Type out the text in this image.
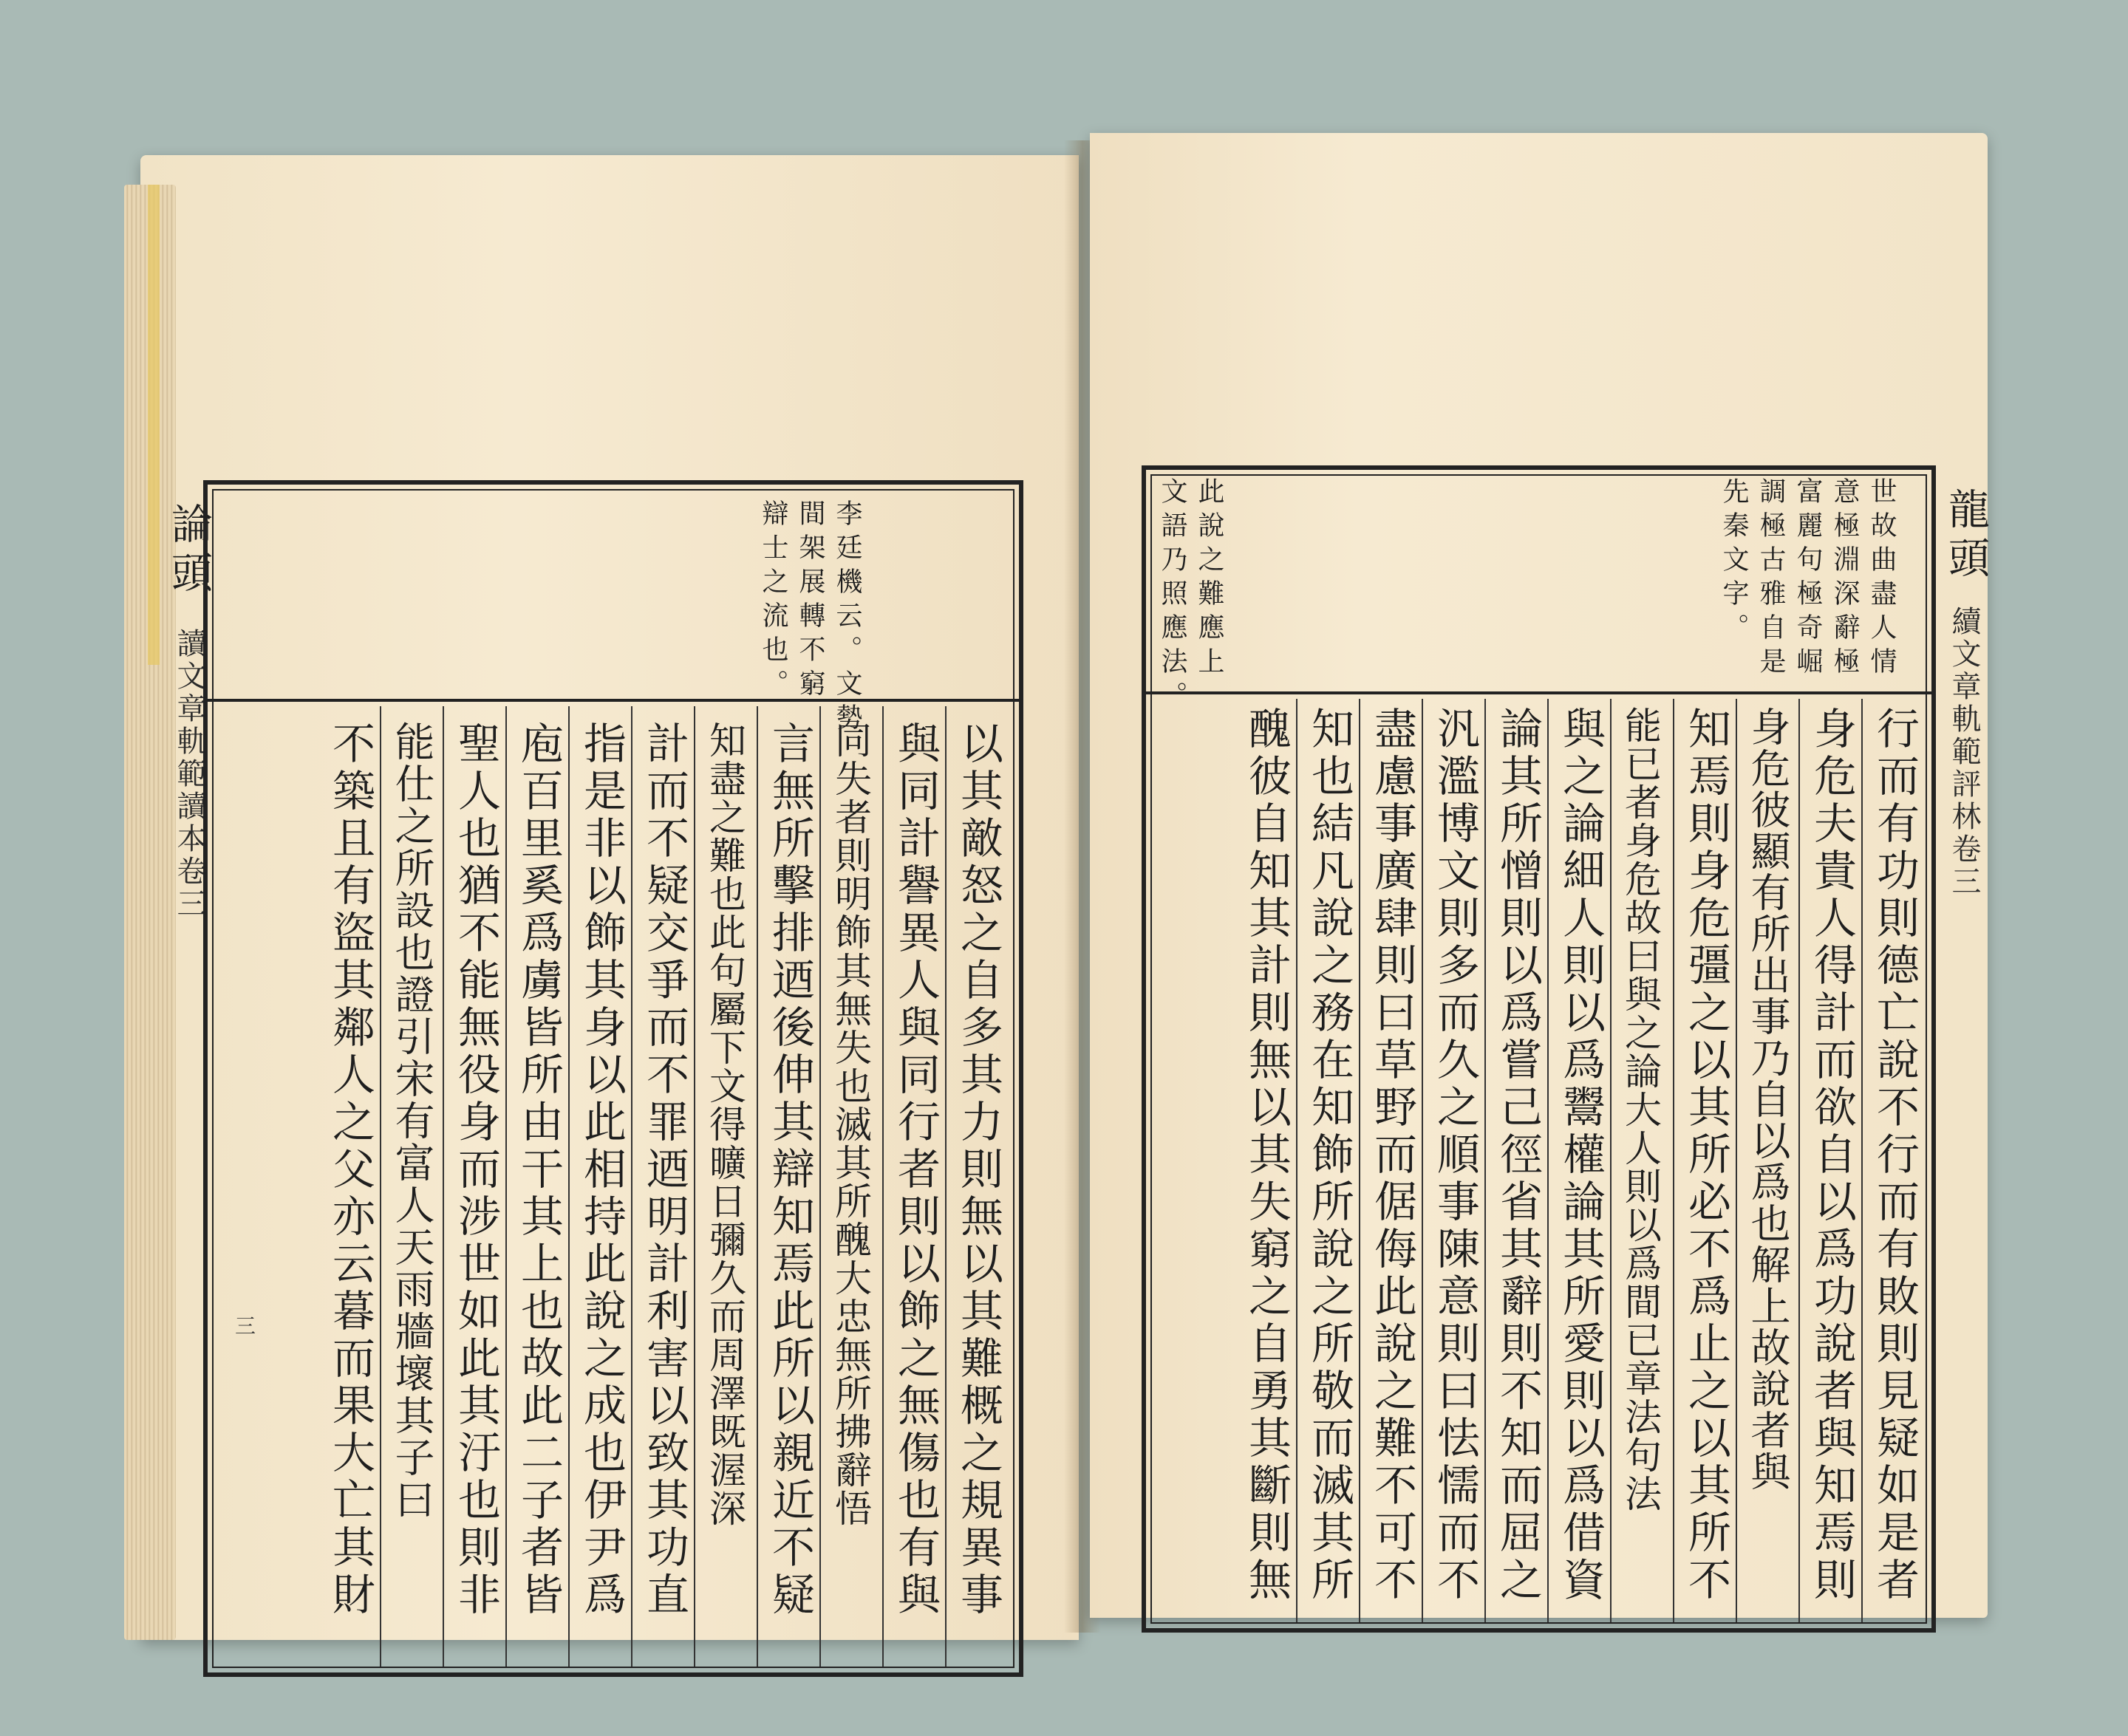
論頭
讀文章軌範讀本卷三
三
李廷機云。文勢
間架展轉不窮
辯士之流也。
以其敵怒之自多其力則無以其難概之規異事
與同計譽異人與同行者則以飾之無傷也有與
同失者則明飾其無失也滅其所醜大忠無所拂辭悟
言無所擊排迺後伸其辯知焉此所以親近不疑
知盡之難也此句屬下文得曠日彌久而周澤既渥深
計而不疑交爭而不罪迺明計利害以致其功直
指是非以飾其身以此相持此說之成也伊尹爲
庖百里奚爲虜皆所由干其上也故此二子者皆
聖人也猶不能無役身而涉世如此其汙也則非
能仕之所設也證引宋有富人天雨牆壞其子曰
不築且有盜其鄰人之父亦云暮而果大亡其財
龍頭
續文章軌範評林卷三
世故曲盡人情
意極淵深辭極
富麗句極奇崛
調極古雅自是
先秦文字。
此說之難應上
文語乃照應法。
行而有功則德亡說不行而有敗則見疑如是者
身危夫貴人得計而欲自以爲功說者與知焉則
身危彼顯有所出事乃自以爲也解上故說者與
知焉則身危彊之以其所必不爲止之以其所不
能已者身危故曰與之論大人則以爲間已章法句法
與之論細人則以爲鬻權論其所愛則以爲借資
論其所憎則以爲嘗己徑省其辭則不知而屈之
汎濫博文則多而久之順事陳意則曰怯懦而不
盡慮事廣肆則曰草野而倨侮此說之難不可不
知也結凡說之務在知飾所說之所敬而滅其所
醜彼自知其計則無以其失窮之自勇其斷則無
